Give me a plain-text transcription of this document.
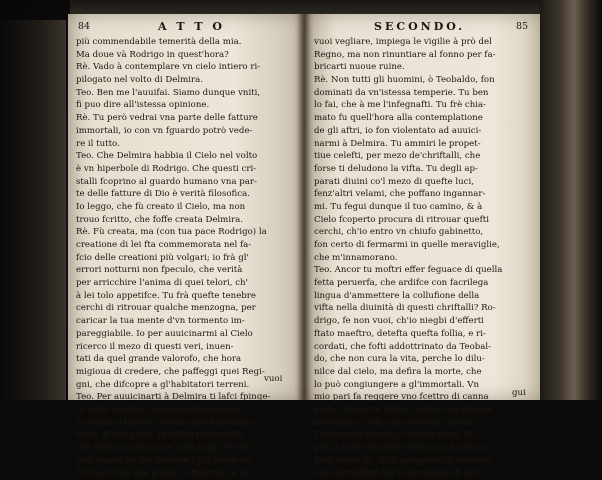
84	A T T O
più commendabile temerità della mia.
Ma doue và Rodrigo in quest'hora?
Rè. Vado à contemplare vn cielo intiero ri-
pilogato nel volto di Delmira.
Teo. Ben me l'auuifai. Siamo dunque vniti,
fi puo dire all'istessa opinione.
Rè. Tu però vedrai vna parte delle fatture
immortali, io con vn fguardo potrò vede-
re il tutto.
Teo. Che Delmira habbia il Cielo nel volto
è vn hiperbole di Rodrigo. Che questi cri-
stalli fcoprino al guardo humano vna par-
te delle fatture di Dio è verità filosofica.
Io leggo, che fù creato il Cielo, ma non
trouo fcritto, che foffe creata Delmira.
Rè. Fù creata, ma (con tua pace Rodrigo) la
creatione di lei fta commemorata nel fa-
fcio delle creationi più volgari; io frà gl'
errori notturni non fpeculo, che verità
per arricchire l'anima di quei telori, ch'
à lei tolo appetifce. Tu frà quefte tenebre
cerchi di ritrouar qualche menzogna, per
caricar la tua mente d'vn tormento im-
pareggiabile. Io per auuicinarmi al Cielo
ricerco il mezo di questi veri, inuen-
tati da quel grande valorofo, che hora
migioua di credere, che paffeggi quei Regi-
gni, che difcopre a gl'habitatori terreni.
Teo. Per auuicinarti à Delmira ti lafci fpinge-
re dalla Gelofia, la quale abbandonate
le ftanze d'Inferno, troua ogni fua delitia
entro al tuo petto. Io vedro meraviglie,
che fanno innamorare i più faggi. Tu ve-
drai vanita da far delirare i più prudenti.
Torna, torna alle piume, ò Rodrigo, e fe
vuoi
SECONDO.	85
vuoi vegliare, impiega le vigilie à prò del
Regno, ma non rinuntiare al fonno per fa-
bricarti nuoue ruine.
Rè. Non tutti gli huomini, ò Teobaldo, fon
dominati da vn'istessa temperie. Tu ben
lo fai, che à me l'infegnafti. Tu frè chia-
mato fu quell'hora alla contemplatione
de gli aftri, io fon violentato ad auuici-
narmi à Delmira. Tu ammiri le propet-
tiue celefti, per mezo de'chriftalli, che
forse ti deludono la vifta. Tu degli ap-
parati diuini co'l mezo di quefte luci,
fenz'altri velami, che poffano ingannar-
mi. Tu fegui dunque il tuo camino, & à
Cielo fcoperto procura di ritrouar quefti
cerchi, ch'io entro vn chiufo gabinetto,
fon certo di fermarmi in quelle meraviglie,
che m'innamorano.
Teo. Ancor tu moftri effer feguace di quella
fetta peruerfa, che ardifce con facrilega
lingua d'ammettere la collufione della
vifta nella diuinità di questi chriftalli? Ro-
drigo, fe non vuoi, ch'io niegbi d'efferti
ftato maeftro, detefta quefta follia, e ri-
cordati, che fofti addottrinato da Teobal-
do, che non cura la vita, perche lo dilu-
nilce dal cielo, ma defira la morte, che
lo può congiungere a gl'immortali. Vn
mio pari fa reggere vno fcettro di canna
nella Città d'vn bofco, dentro vna Reggia
d'vn'antro. Deh, caro Rodrigo, lafcia
l'intraprefo viaggio, viuiene meco fo-
pra la torre di quefto Palazzo ad ofcurar
quei miracoli, ch'in paragone di Delmira,
fono fermiflimi foli in paragone di lan-
gui
